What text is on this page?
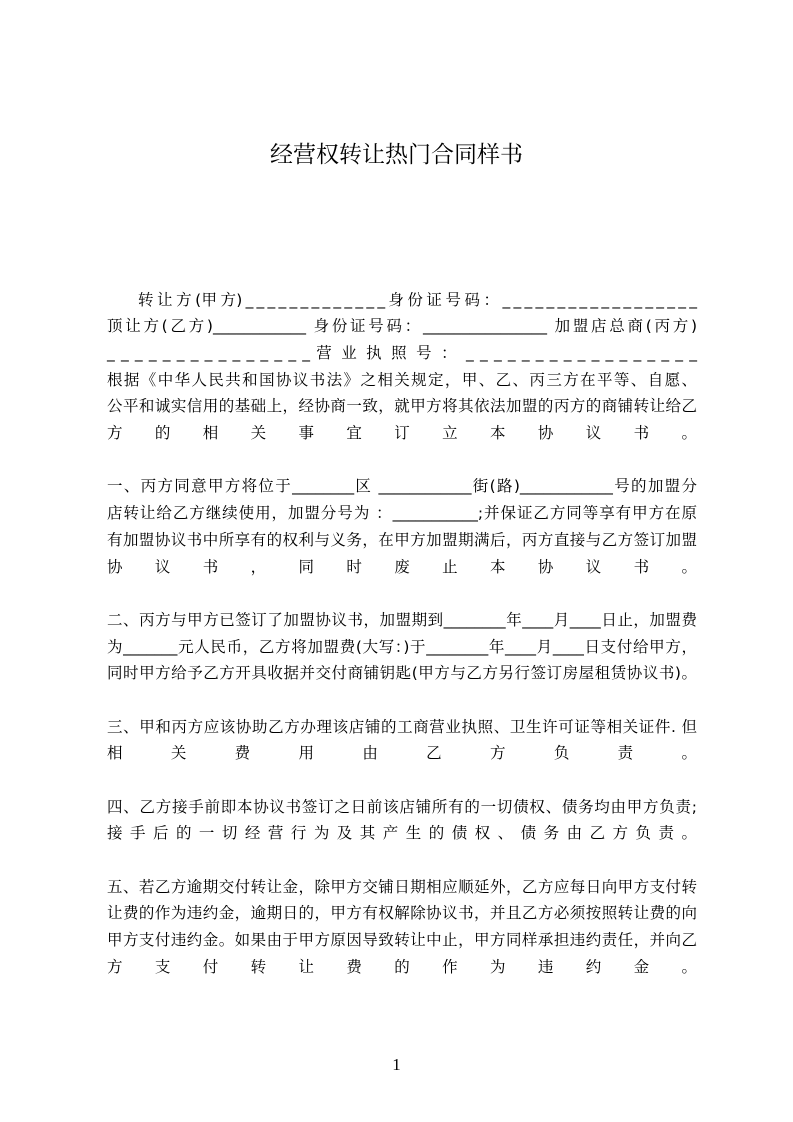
经营权转让热门合同样书
转 让 方 (甲 方) _ _ _ _ _ _ _ _ _ _ _ _ _ 身 份 证 号 码 ： _ _ _ _ _ _ _ _ _ _ _ _ _ _ _ _ _ _
顶让方(乙方)____________ 身份证号码：________________ 加盟店总商(丙方)
_ _ _ _ _ _ _ _ _ _ _ _ _ _ _ 营 业 执 照 号 ： _ _ _ _ _ _ _ _ _ _ _ _ _ _ _ _ _
根据《中华人民共和国协议书法》之相关规定，甲、乙、丙三方在平等、自愿、
公平和诚实信用的基础上，经协商一致，就甲方将其依法加盟的丙方的商铺转让给乙
方 的 相 关 事 宜 订 立 本 协 议 书 。
一、丙方同意甲方将位于________区 ____________街(路)____________号的加盟分
店转让给乙方继续使用，加盟分号为 ：___________;并保证乙方同等享有甲方在原
有加盟协议书中所享有的权利与义务，在甲方加盟期满后，丙方直接与乙方签订加盟
协 议 书 ， 同 时 废 止 本 协 议 书 。
二、丙方与甲方已签订了加盟协议书，加盟期到________年____月____日止，加盟费
为_______元人民币，乙方将加盟费(大写：)于________年____月____日支付给甲方，
同时甲方给予乙方开具收据并交付商铺钥匙(甲方与乙方另行签订房屋租赁协议书)。
三、甲和丙方应该协助乙方办理该店铺的工商营业执照、卫生许可证等相关证件. 但
相 关 费 用 由 乙 方 负 责 。
四、乙方接手前即本协议书签订之日前该店铺所有的一切债权、债务均由甲方负责;
接 手 后 的 一 切 经 营 行 为 及 其 产 生 的 债 权 、 债 务 由 乙 方 负 责 。
五、若乙方逾期交付转让金，除甲方交铺日期相应顺延外，乙方应每日向甲方支付转
让费的作为违约金，逾期日的，甲方有权解除协议书，并且乙方必须按照转让费的向
甲方支付违约金。如果由于甲方原因导致转让中止，甲方同样承担违约责任，并向乙
方 支 付 转 让 费 的 作 为 违 约 金 。
1
